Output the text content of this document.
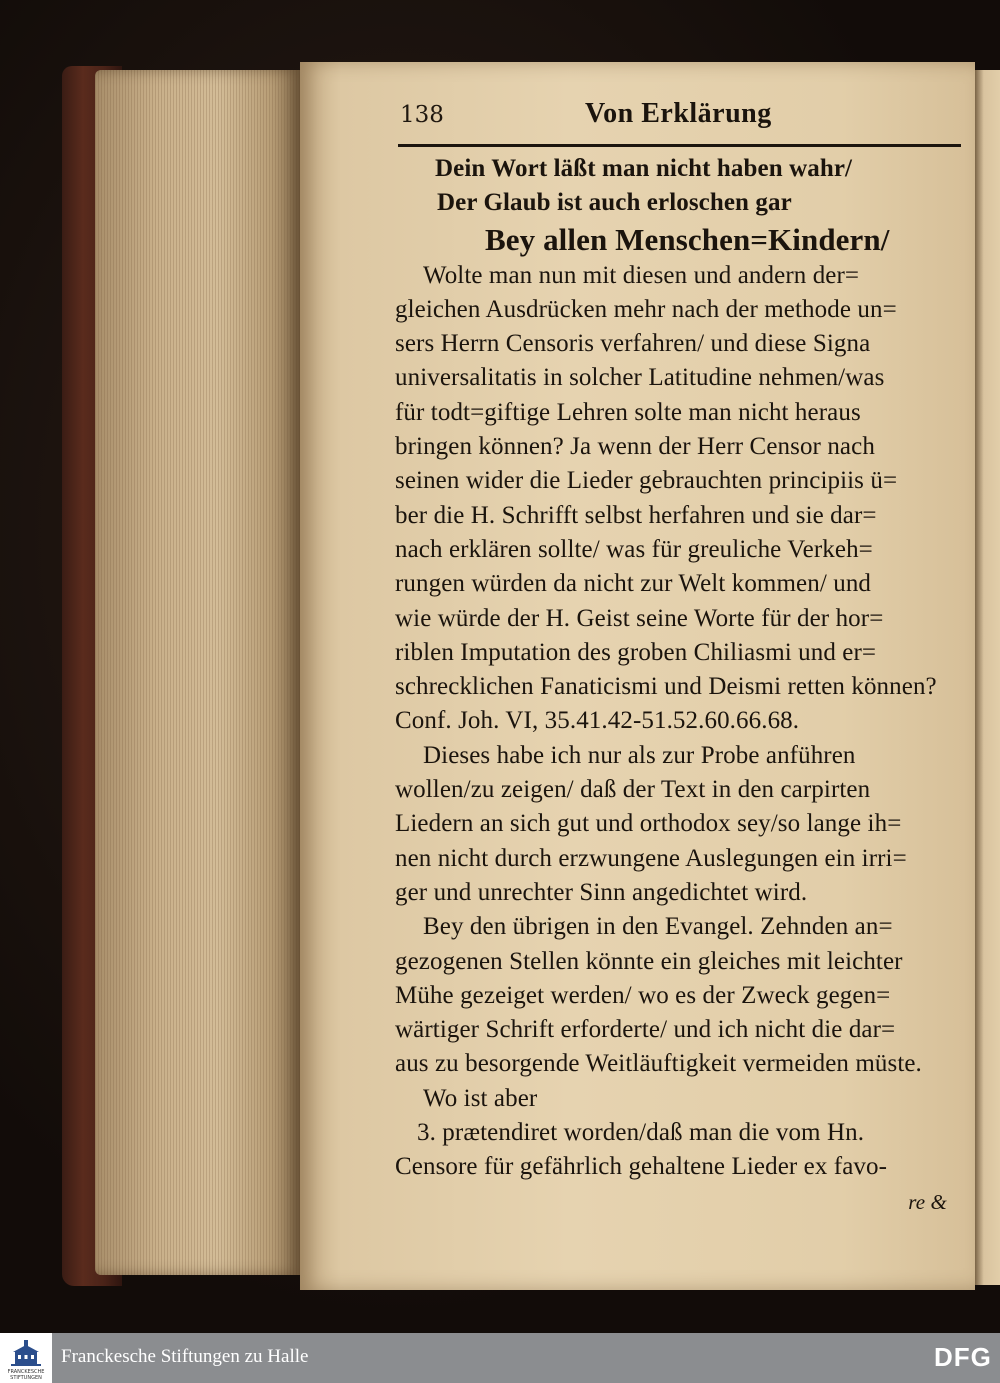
138	Von Erklärung
Dein Wort läßt man nicht haben wahr/
Der Glaub ist auch erloschen gar
Bey allen Menschen=Kindern/
Wolte man nun mit diesen und andern der=
gleichen Ausdrücken mehr nach der methode un=
sers Herrn Censoris verfahren/ und diese Signa
universalitatis in solcher Latitudine nehmen/was
für todt=giftige Lehren solte man nicht heraus
bringen können? Ja wenn der Herr Censor nach
seinen wider die Lieder gebrauchten principiis ü=
ber die H. Schrifft selbst herfahren und sie dar=
nach erklären sollte/ was für greuliche Verkeh=
rungen würden da nicht zur Welt kommen/ und
wie würde der H. Geist seine Worte für der hor=
riblen Imputation des groben Chiliasmi und er=
schrecklichen Fanaticismi und Deismi retten können?
Conf. Joh. VI, 35.41.42-51.52.60.66.68.
Dieses habe ich nur als zur Probe anführen
wollen/zu zeigen/ daß der Text in den carpirten
Liedern an sich gut und orthodox sey/so lange ih=
nen nicht durch erzwungene Auslegungen ein irri=
ger und unrechter Sinn angedichtet wird.
Bey den übrigen in den Evangel. Zehnden an=
gezogenen Stellen könnte ein gleiches mit leichter
Mühe gezeiget werden/ wo es der Zweck gegen=
wärtiger Schrift erforderte/ und ich nicht die dar=
aus zu besorgende Weitläuftigkeit vermeiden müste.
Wo ist aber
3. prætendiret worden/daß man die vom Hn.
Censore für gefährlich gehaltene Lieder ex favo-
re &
FRANCKESCHE STIFTUNGEN
Franckesche Stiftungen zu Halle	DFG
